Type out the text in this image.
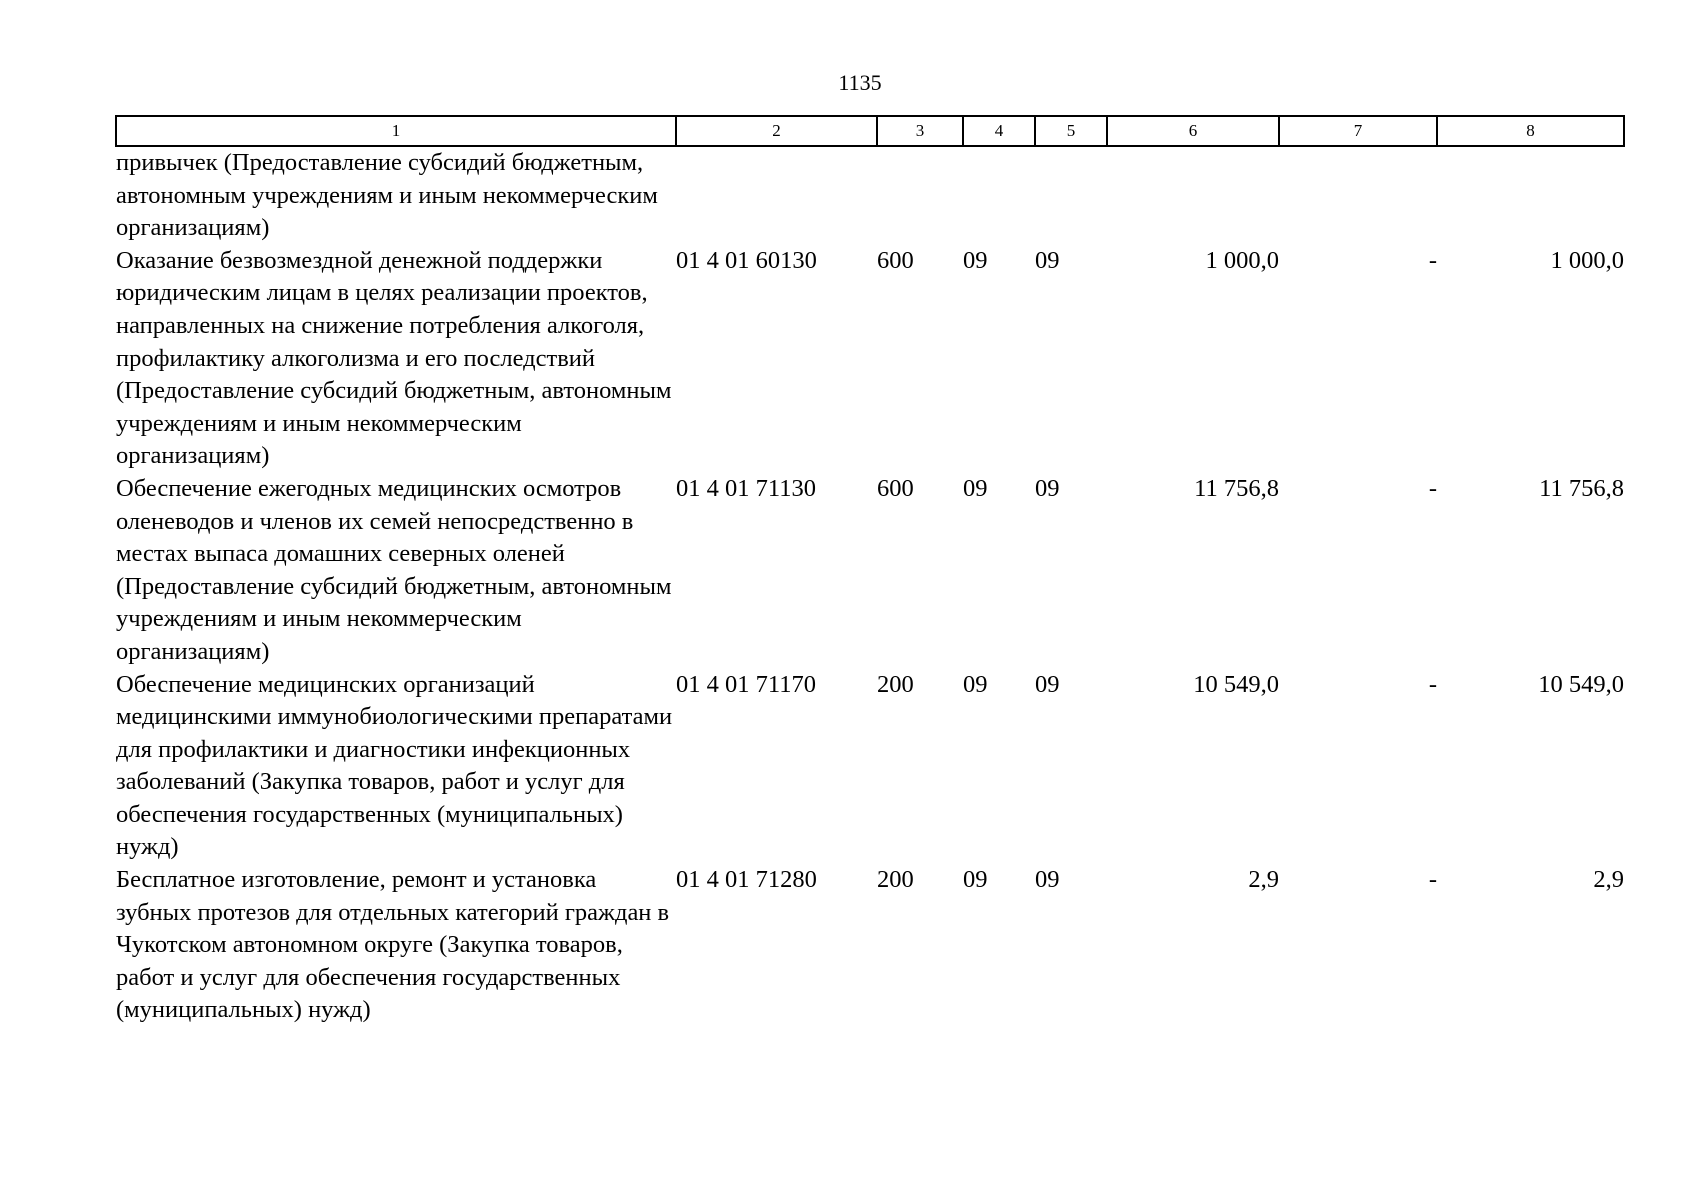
1135
1	2	3	4	5	6	7	8
привычек (Предоставление субсидий бюджетным, автономным учреждениям и иным некоммерческим организациям)							
Оказание безвозмездной денежной поддержки юридическим лицам в целях реализации проектов, направленных на снижение потребления алкоголя, профилактику алкоголизма и его последствий (Предоставление субсидий бюджетным, автономным учреждениям и иным некоммерческим организациям)	01 4 01 60130	600	09	09	1 000,0	-	1 000,0
Обеспечение ежегодных медицинских осмотров оленеводов и членов их семей непосредственно в местах выпаса домашних северных оленей (Предоставление субсидий бюджетным, автономным учреждениям и иным некоммерческим организациям)	01 4 01 71130	600	09	09	11 756,8	-	11 756,8
Обеспечение медицинских организаций медицинскими иммунобиологическими препаратами для профилактики и диагностики инфекционных заболеваний (Закупка товаров, работ и услуг для обеспечения государственных (муниципальных) нужд)	01 4 01 71170	200	09	09	10 549,0	-	10 549,0
Бесплатное изготовление, ремонт и установка зубных протезов для отдельных категорий граждан в Чукотском автономном округе (Закупка товаров, работ и услуг для обеспечения государственных (муниципальных) нужд)	01 4 01 71280	200	09	09	2,9	-	2,9
